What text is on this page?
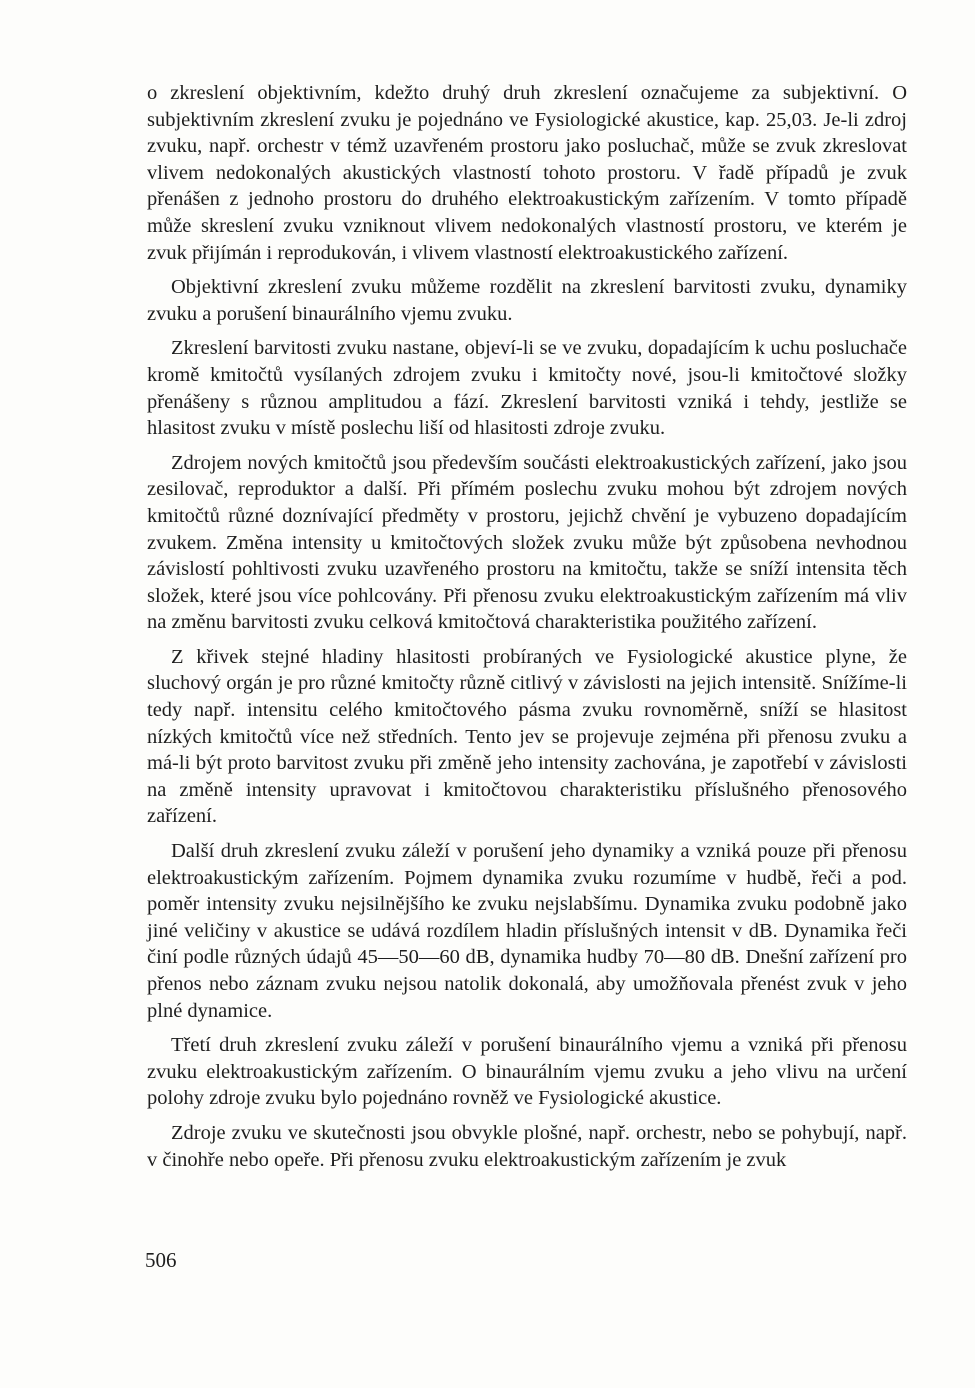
o zkreslení objektivním, kdežto druhý druh zkreslení označujeme za subjektivní. O subjektivním zkreslení zvuku je pojednáno ve Fysiologické akustice, kap. 25,03. Je-li zdroj zvuku, např. orchestr v témž uzavřeném prostoru jako posluchač, může se zvuk zkreslovat vlivem nedokonalých akustických vlastností tohoto prostoru. V řadě případů je zvuk přenášen z jednoho prostoru do druhého elektroakustickým zařízením. V tomto případě může skreslení zvuku vzniknout vlivem nedokonalých vlastností prostoru, ve kterém je zvuk přijímán i reprodukován, i vlivem vlastností elektroakustického zařízení.

Objektivní zkreslení zvuku můžeme rozdělit na zkreslení barvitosti zvuku, dynamiky zvuku a porušení binaurálního vjemu zvuku.

Zkreslení barvitosti zvuku nastane, objeví-li se ve zvuku, dopadajícím k uchu posluchače kromě kmitočtů vysílaných zdrojem zvuku i kmitočty nové, jsou-li kmitočtové složky přenášeny s různou amplitudou a fází. Zkreslení barvitosti vzniká i tehdy, jestliže se hlasitost zvuku v místě poslechu liší od hlasitosti zdroje zvuku.

Zdrojem nových kmitočtů jsou především součásti elektroakustických zařízení, jako jsou zesilovač, reproduktor a další. Při přímém poslechu zvuku mohou být zdrojem nových kmitočtů různé doznívající předměty v prostoru, jejichž chvění je vybuzeno dopadajícím zvukem. Změna intensity u kmitočtových složek zvuku může být způsobena nevhodnou závislostí pohltivosti zvuku uzavřeného prostoru na kmitočtu, takže se sníží intensita těch složek, které jsou více pohlcovány. Při přenosu zvuku elektroakustickým zařízením má vliv na změnu barvitosti zvuku celková kmitočtová charakteristika použitého zařízení.

Z křivek stejné hladiny hlasitosti probíraných ve Fysiologické akustice plyne, že sluchový orgán je pro různé kmitočty různě citlivý v závislosti na jejich intensitě. Snížíme-li tedy např. intensitu celého kmitočtového pásma zvuku rovnoměrně, sníží se hlasitost nízkých kmitočtů více než středních. Tento jev se projevuje zejména při přenosu zvuku a má-li být proto barvitost zvuku při změně jeho intensity zachována, je zapotřebí v závislosti na změně intensity upravovat i kmitočtovou charakteristiku příslušného přenosového zařízení.

Další druh zkreslení zvuku záleží v porušení jeho dynamiky a vzniká pouze při přenosu elektroakustickým zařízením. Pojmem dynamika zvuku rozumíme v hudbě, řeči a pod. poměr intensity zvuku nejsilnějšího ke zvuku nejslabšímu. Dynamika zvuku podobně jako jiné veličiny v akustice se udává rozdílem hladin příslušných intensit v dB. Dynamika řeči činí podle různých údajů 45—50—60 dB, dynamika hudby 70—80 dB. Dnešní zařízení pro přenos nebo záznam zvuku nejsou natolik dokonalá, aby umožňovala přenést zvuk v jeho plné dynamice.

Třetí druh zkreslení zvuku záleží v porušení binaurálního vjemu a vzniká při přenosu zvuku elektroakustickým zařízením. O binaurálním vjemu zvuku a jeho vlivu na určení polohy zdroje zvuku bylo pojednáno rovněž ve Fysiologické akustice.

Zdroje zvuku ve skutečnosti jsou obvykle plošné, např. orchestr, nebo se pohybují, např. v činohře nebo opeře. Při přenosu zvuku elektroakustickým zařízením je zvuk

506
